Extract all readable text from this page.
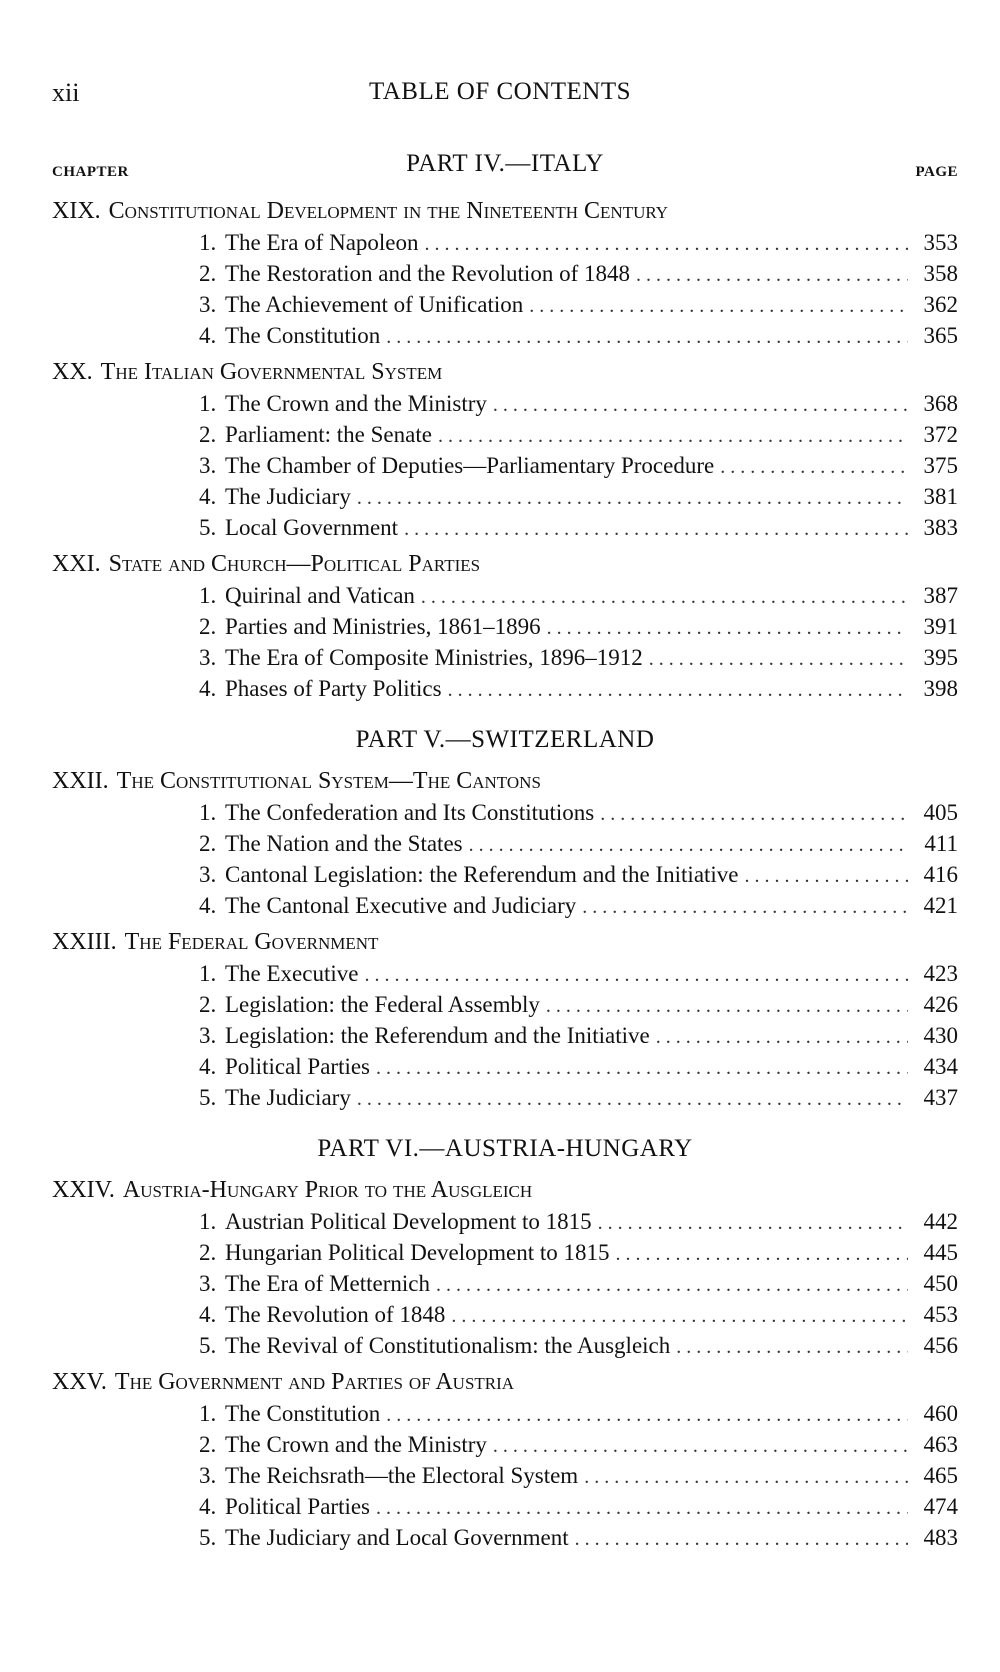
xii	TABLE OF CONTENTS
CHAPTER	PART IV.—ITALY	PAGE
XIX. Constitutional Development in the Nineteenth Century
1. The Era of Napoleon . . .	353
2. The Restoration and the Revolution of 1848 . . .	358
3. The Achievement of Unification . . .	362
4. The Constitution . . .	365
XX. The Italian Governmental System
1. The Crown and the Ministry . . .	368
2. Parliament: the Senate . . .	372
3. The Chamber of Deputies—Parliamentary Procedure . . .	375
4. The Judiciary . . .	381
5. Local Government . . .	383
XXI. State and Church—Political Parties
1. Quirinal and Vatican . . .	387
2. Parties and Ministries, 1861–1896 . . .	391
3. The Era of Composite Ministries, 1896–1912 . . .	395
4. Phases of Party Politics . . .	398
PART V.—SWITZERLAND
XXII. The Constitutional System—The Cantons
1. The Confederation and Its Constitutions . . .	405
2. The Nation and the States . . .	411
3. Cantonal Legislation: the Referendum and the Initiative . . .	416
4. The Cantonal Executive and Judiciary . . .	421
XXIII. The Federal Government
1. The Executive . . .	423
2. Legislation: the Federal Assembly . . .	426
3. Legislation: the Referendum and the Initiative . . .	430
4. Political Parties . . .	434
5. The Judiciary . . .	437
PART VI.—AUSTRIA-HUNGARY
XXIV. Austria-Hungary Prior to the Ausgleich
1. Austrian Political Development to 1815 . . .	442
2. Hungarian Political Development to 1815 . . .	445
3. The Era of Metternich . . .	450
4. The Revolution of 1848 . . .	453
5. The Revival of Constitutionalism: the Ausgleich . . .	456
XXV. The Government and Parties of Austria
1. The Constitution . . .	460
2. The Crown and the Ministry . . .	463
3. The Reichsrath—the Electoral System . . .	465
4. Political Parties . . .	474
5. The Judiciary and Local Government . . .	483
